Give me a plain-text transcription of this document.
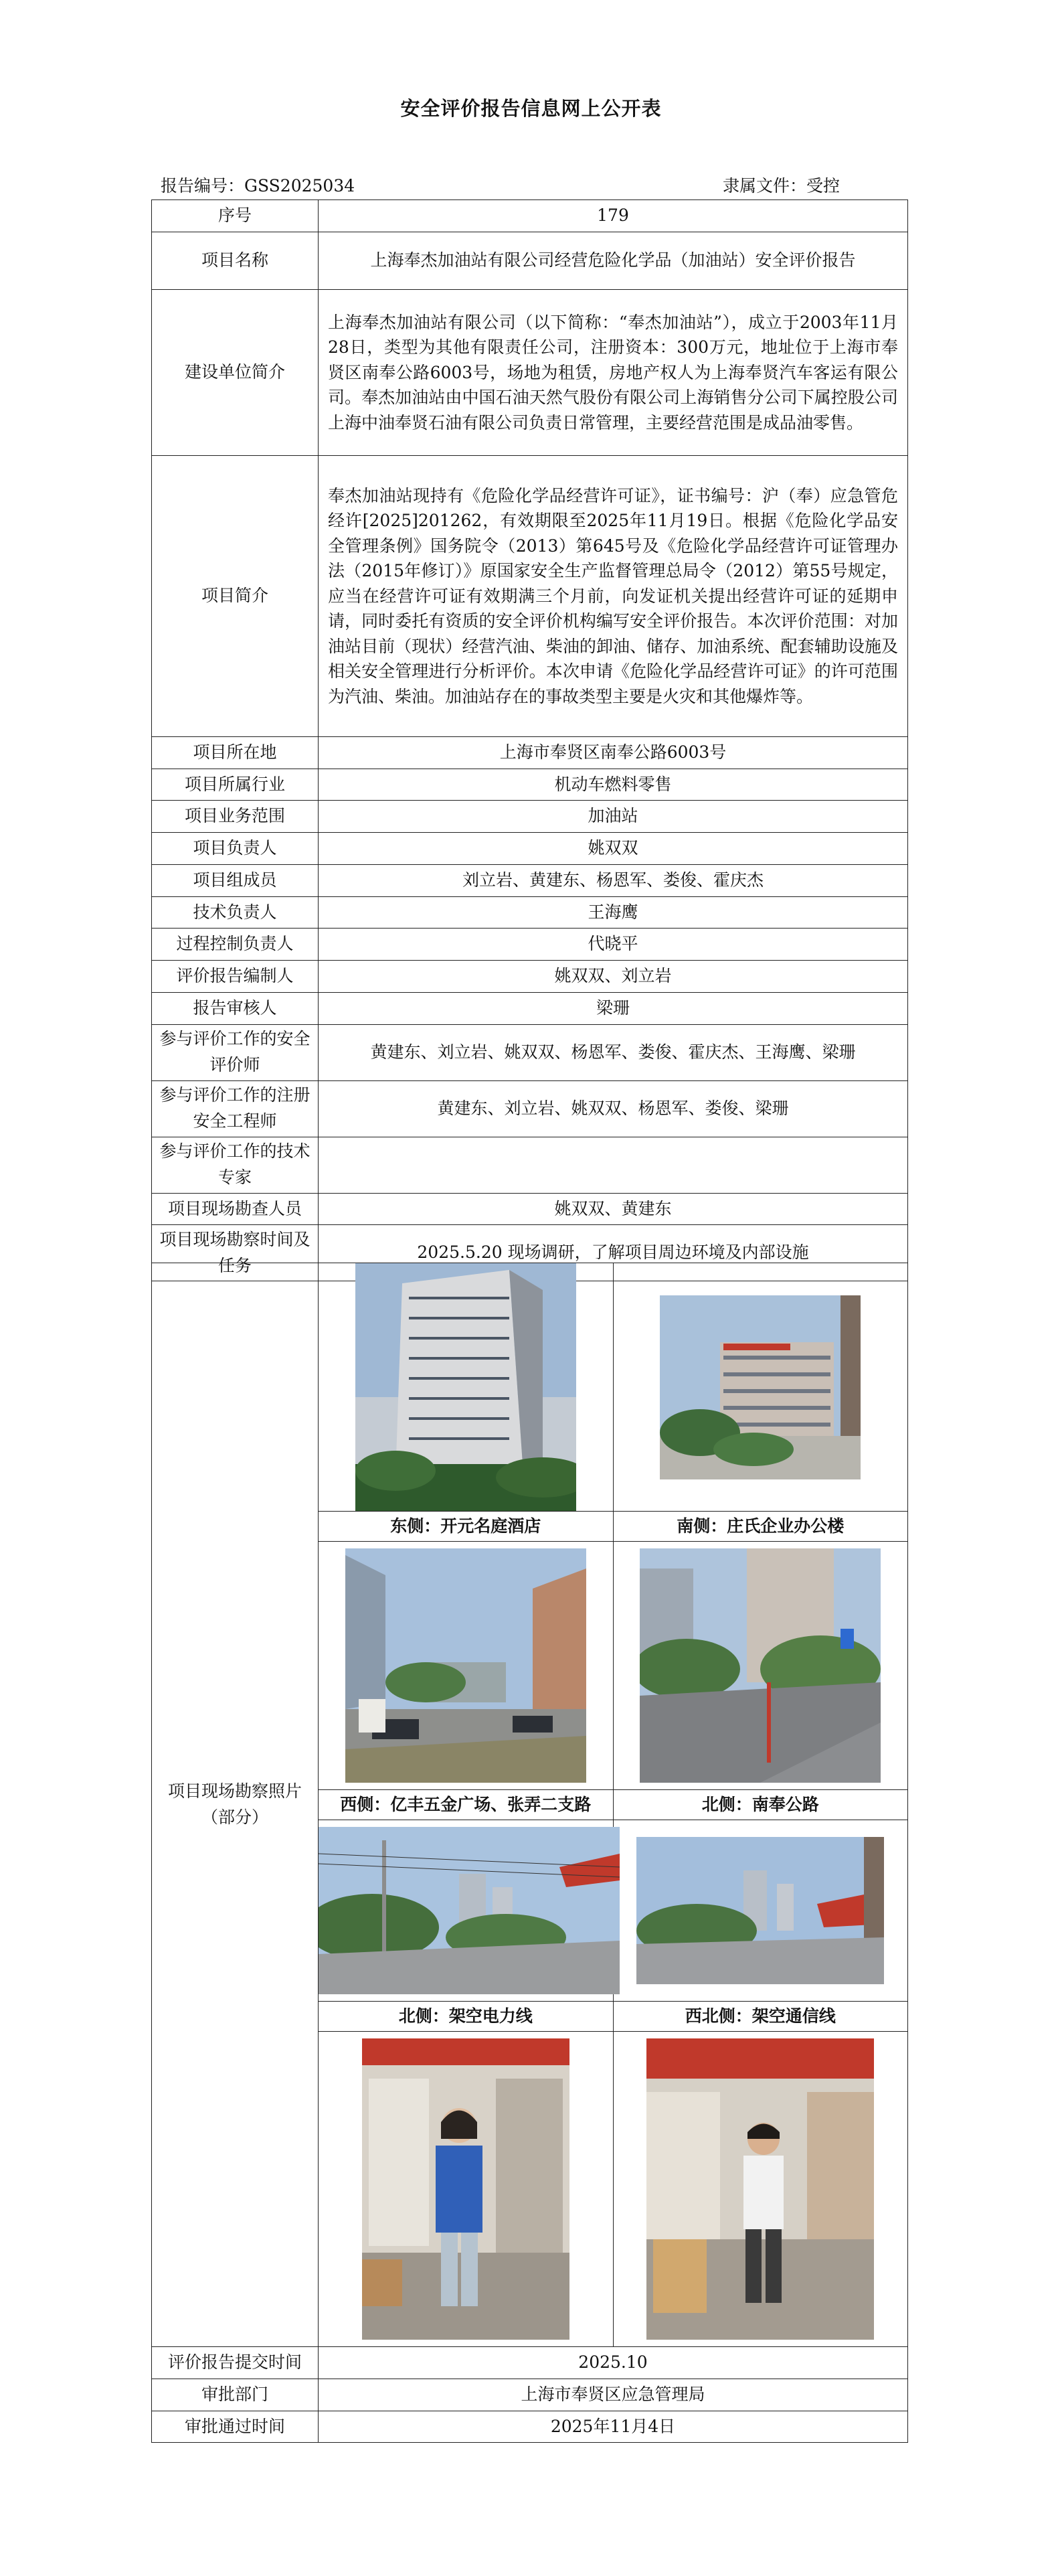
安全评价报告信息网上公开表
报告编号：GSS2025034	隶属文件：受控
序号	179
项目名称	上海奉杰加油站有限公司经营危险化学品（加油站）安全评价报告
建设单位简介	上海奉杰加油站有限公司（以下简称：“奉杰加油站”），成立于2003年11月28日，类型为其他有限责任公司，注册资本：300万元，地址位于上海市奉贤区南奉公路6003号，场地为租赁，房地产权人为上海奉贤汽车客运有限公司。奉杰加油站由中国石油天然气股份有限公司上海销售分公司下属控股公司上海中油奉贤石油有限公司负责日常管理，主要经营范围是成品油零售。
项目简介	奉杰加油站现持有《危险化学品经营许可证》，证书编号：沪（奉）应急管危经许[2025]201262，有效期限至2025年11月19日。根据《危险化学品安全管理条例》国务院令（2013）第645号及《危险化学品经营许可证管理办法（2015年修订）》原国家安全生产监督管理总局令（2012）第55号规定，应当在经营许可证有效期满三个月前，向发证机关提出经营许可证的延期申请，同时委托有资质的安全评价机构编写安全评价报告。本次评价范围：对加油站目前（现状）经营汽油、柴油的卸油、储存、加油系统、配套辅助设施及相关安全管理进行分析评价。本次申请《危险化学品经营许可证》的许可范围为汽油、柴油。加油站存在的事故类型主要是火灾和其他爆炸等。
项目所在地	上海市奉贤区南奉公路6003号
项目所属行业	机动车燃料零售
项目业务范围	加油站
项目负责人	姚双双
项目组成员	刘立岩、黄建东、杨恩军、娄俊、霍庆杰
技术负责人	王海鹰
过程控制负责人	代晓平
评价报告编制人	姚双双、刘立岩
报告审核人	梁珊
参与评价工作的安全评价师	黄建东、刘立岩、姚双双、杨恩军、娄俊、霍庆杰、王海鹰、梁珊
参与评价工作的注册安全工程师	黄建东、刘立岩、姚双双、杨恩军、娄俊、梁珊
参与评价工作的技术专家	
项目现场勘查人员	姚双双、黄建东
项目现场勘察时间及任务	2025.5.20 现场调研，了解项目周边环境及内部设施
项目现场勘察照片（部分）	

	东侧：开元名庭酒店	南侧：庄氏企业办公楼

	西侧：亿丰五金广场、张弄二支路	北侧：南奉公路

	北侧：架空电力线	西北侧：架空通信线

评价报告提交时间	2025.10
审批部门	上海市奉贤区应急管理局
审批通过时间	2025年11月4日
